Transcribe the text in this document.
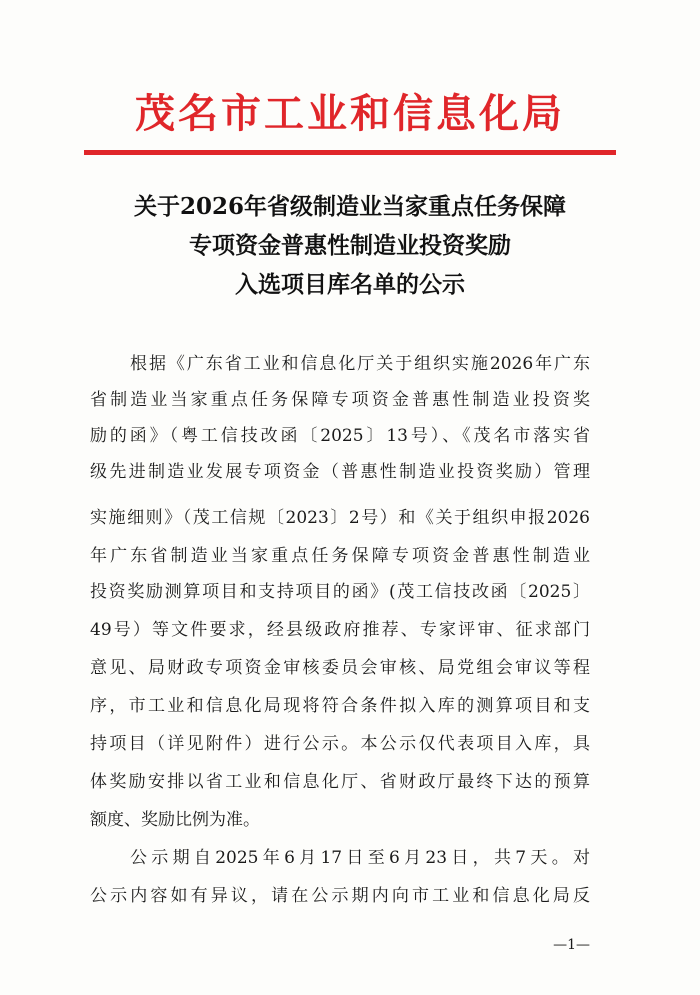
茂名市工业和信息化局
关于2026年省级制造业当家重点任务保障
专项资金普惠性制造业投资奖励
入选项目库名单的公示
根据《广东省工业和信息化厅关于组织实施2026年广东
省制造业当家重点任务保障专项资金普惠性制造业投资奖
励的函》（粤工信技改函〔2025〕13号）、《茂名市落实省
级先进制造业发展专项资金（普惠性制造业投资奖励）管理
实施细则》（茂工信规〔2023〕2号）和《关于组织申报2026
年广东省制造业当家重点任务保障专项资金普惠性制造业
投资奖励测算项目和支持项目的函》(茂工信技改函〔2025〕
49号）等文件要求，经县级政府推荐、专家评审、征求部门
意见、局财政专项资金审核委员会审核、局党组会审议等程
序，市工业和信息化局现将符合条件拟入库的测算项目和支
持项目（详见附件）进行公示。本公示仅代表项目入库，具
体奖励安排以省工业和信息化厅、省财政厅最终下达的预算
额度、奖励比例为准。
公示期自2025年6月17日至6月23日，共7天。对
公示内容如有异议，请在公示期内向市工业和信息化局反
—1—
